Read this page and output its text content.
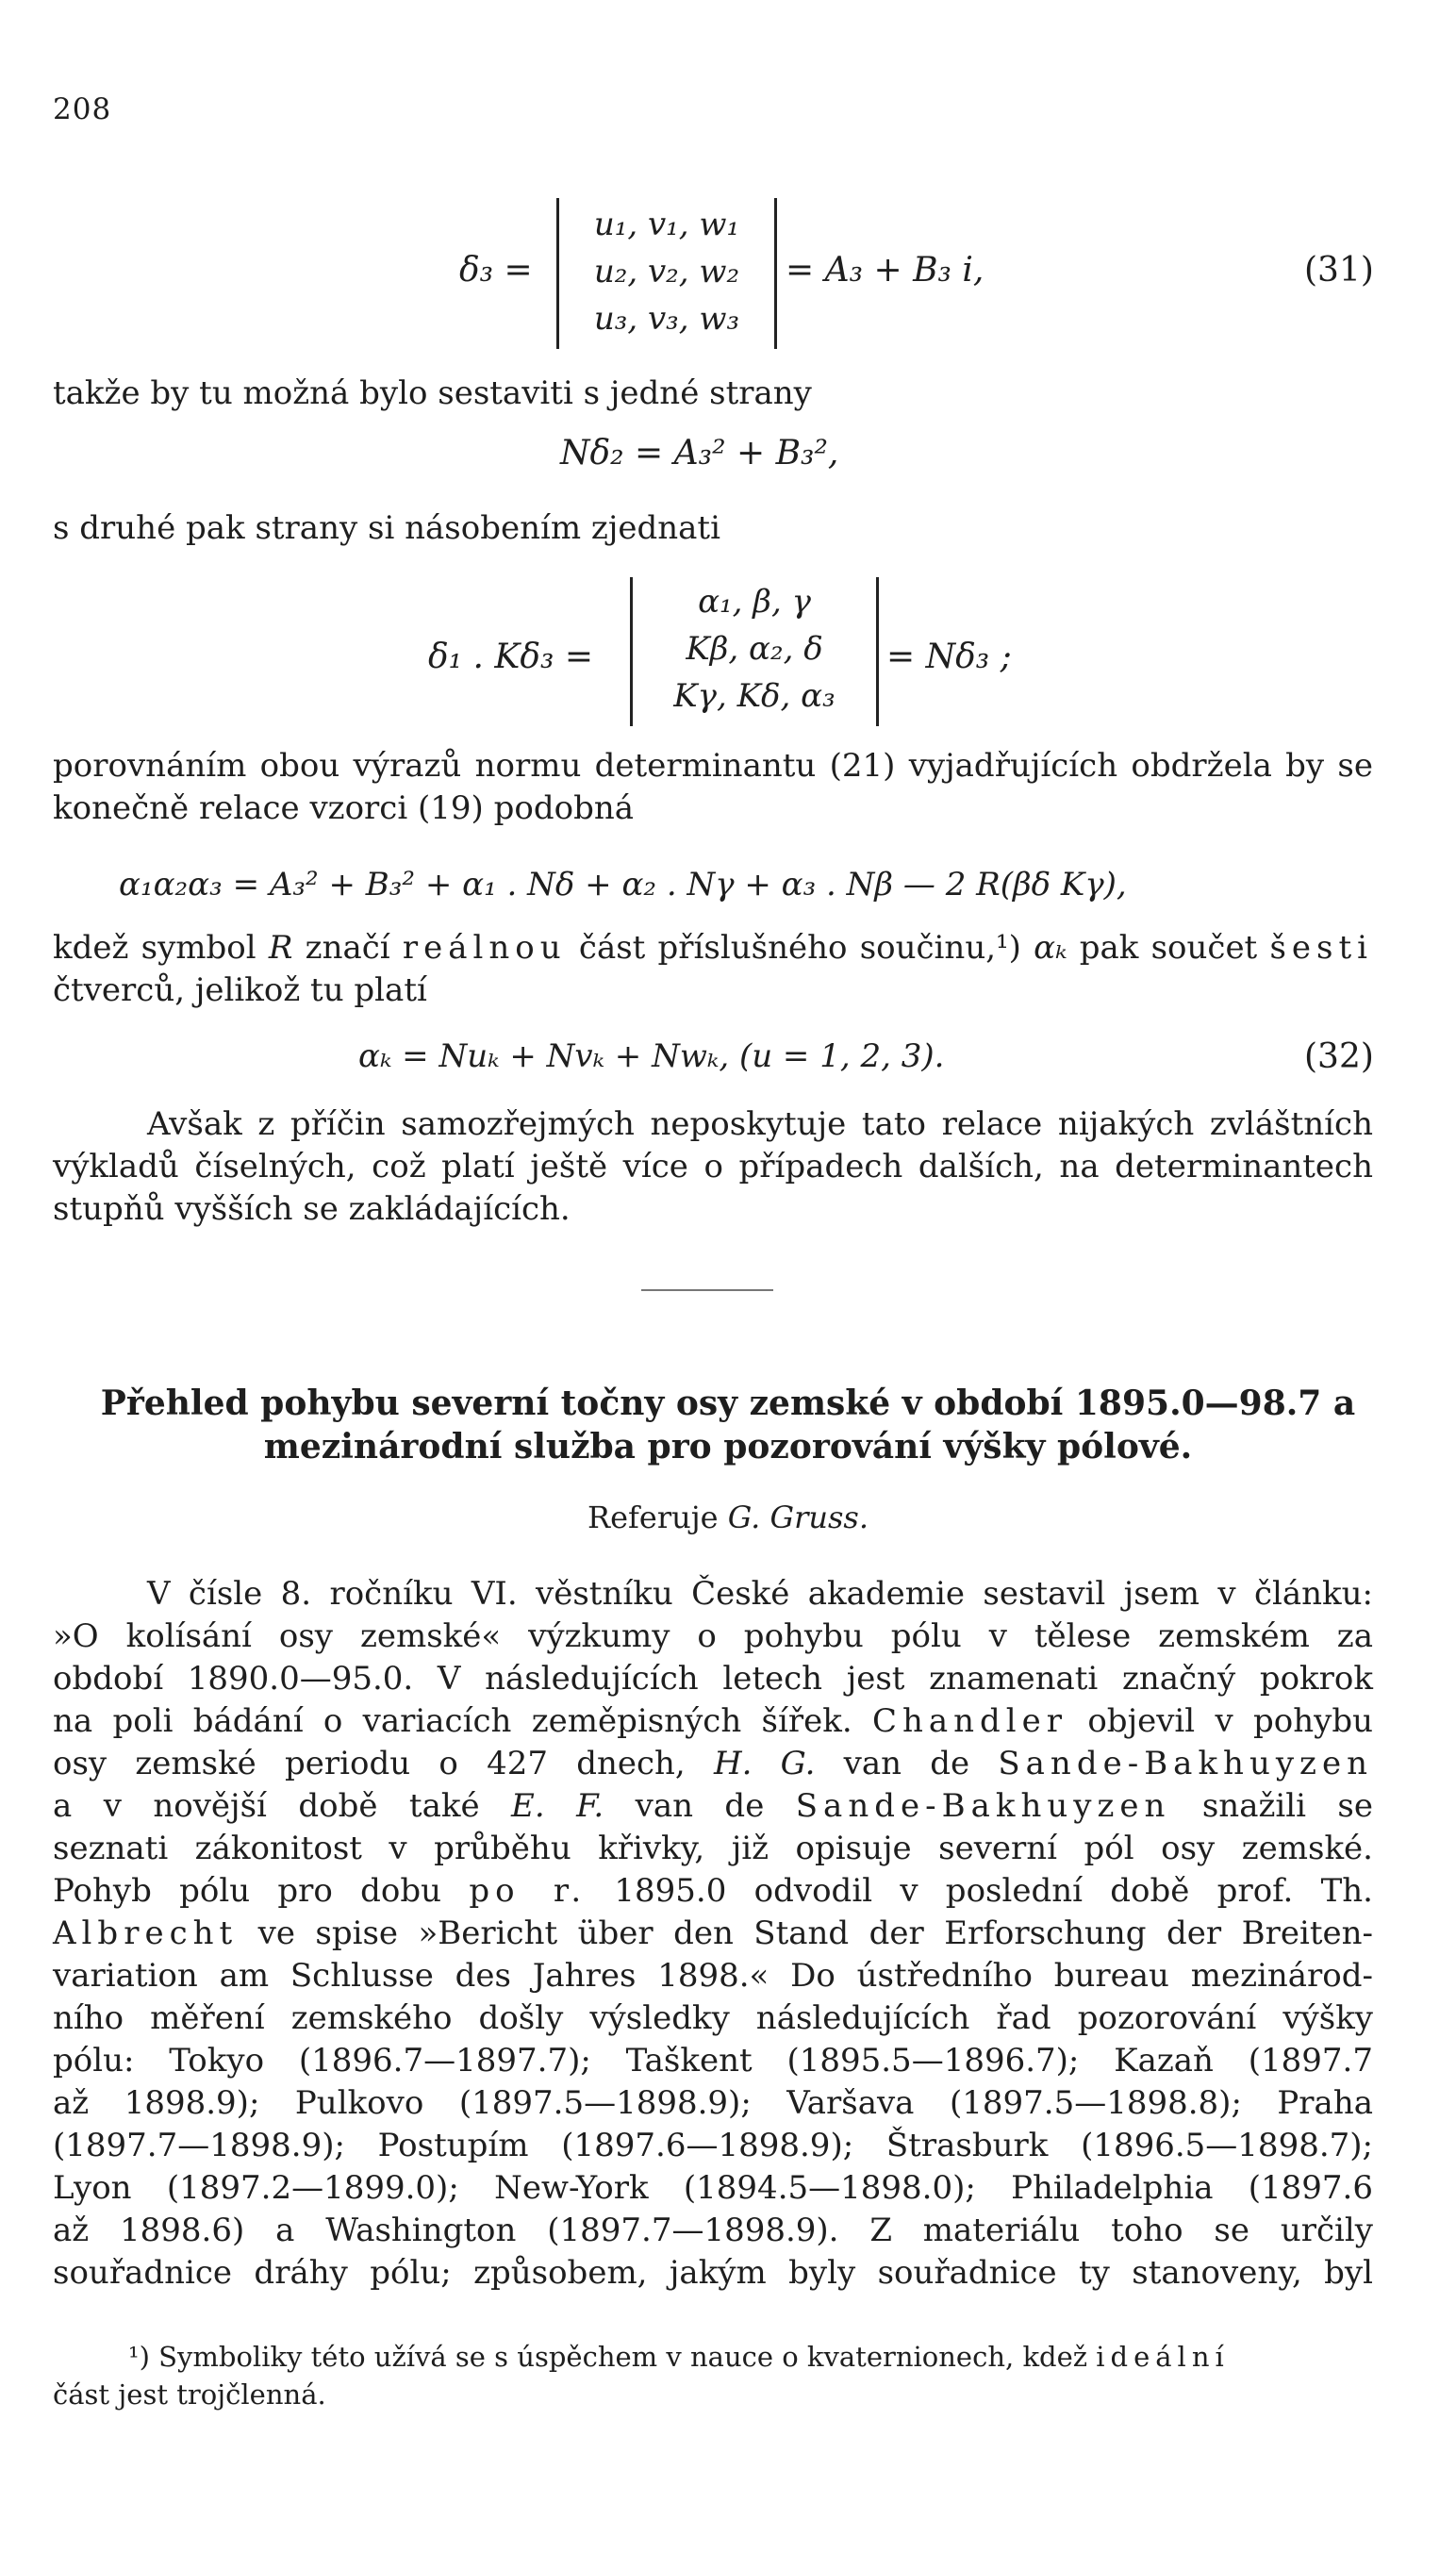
208
δ₃ =
u₁, v₁, w₁
u₂, v₂, w₂
u₃, v₃, w₃
= A₃ + B₃ i,	(31)
takže by tu možná bylo sestaviti s jedné strany
Nδ₂ = A₃² + B₃²,
s druhé pak strany si násobením zjednati
δ₁ . Kδ₃ =
α₁, β, γ
Kβ, α₂, δ
Kγ, Kδ, α₃
= Nδ₃ ;
porovnáním obou výrazů normu determinantu (21) vyjadřujících obdržela by se konečně relace vzorci (19) podobná
α₁α₂α₃ = A₃² + B₃² + α₁ . Nδ + α₂ . Nγ + α₃ . Nβ — 2 R(βδ Kγ),
kdež symbol R značí reálnou část příslušného součinu,¹) αₖ pak součet šesti čtverců, jelikož tu platí
αₖ = Nuₖ + Nvₖ + Nwₖ, (u = 1, 2, 3).	(32)
Avšak z příčin samozřejmých neposkytuje tato relace nijakých zvláštních výkladů číselných, což platí ještě více o případech dalších, na determinantech stupňů vyšších se zakládajících.
Přehled pohybu severní točny osy zemské v období 1895.0—98.7 a mezinárodní služba pro pozorování výšky pólové.
Referuje G. Gruss.
V čísle 8. ročníku VI. věstníku České akademie sestavil jsem v článku:
»O kolísání osy zemské« výzkumy o pohybu pólu v tělese zemském za
období 1890.0—95.0. V následujících letech jest znamenati značný pokrok
na poli bádání o variacích zeměpisných šířek. Chandler objevil v pohybu
osy zemské periodu o 427 dnech, H. G. van de Sande-Bakhuyzen
a v novější době také E. F. van de Sande-Bakhuyzen snažili se
seznati zákonitost v průběhu křivky, již opisuje severní pól osy zemské.
Pohyb pólu pro dobu po r. 1895.0 odvodil v poslední době prof. Th.
Albrecht ve spise »Bericht über den Stand der Erforschung der Breiten-
variation am Schlusse des Jahres 1898.« Do ústředního bureau mezinárod-
ního měření zemského došly výsledky následujících řad pozorování výšky
pólu: Tokyo (1896.7—1897.7); Taškent (1895.5—1896.7); Kazaň (1897.7
až 1898.9); Pulkovo (1897.5—1898.9); Varšava (1897.5—1898.8); Praha
(1897.7—1898.9); Postupím (1897.6—1898.9); Štrasburk (1896.5—1898.7);
Lyon (1897.2—1899.0); New-York (1894.5—1898.0); Philadelphia (1897.6
až 1898.6) a Washington (1897.7—1898.9). Z materiálu toho se určily
souřadnice dráhy pólu; způsobem, jakým byly souřadnice ty stanoveny, byl
¹) Symboliky této užívá se s úspěchem v nauce o kvaternionech, kdež ideální
část jest trojčlenná.
